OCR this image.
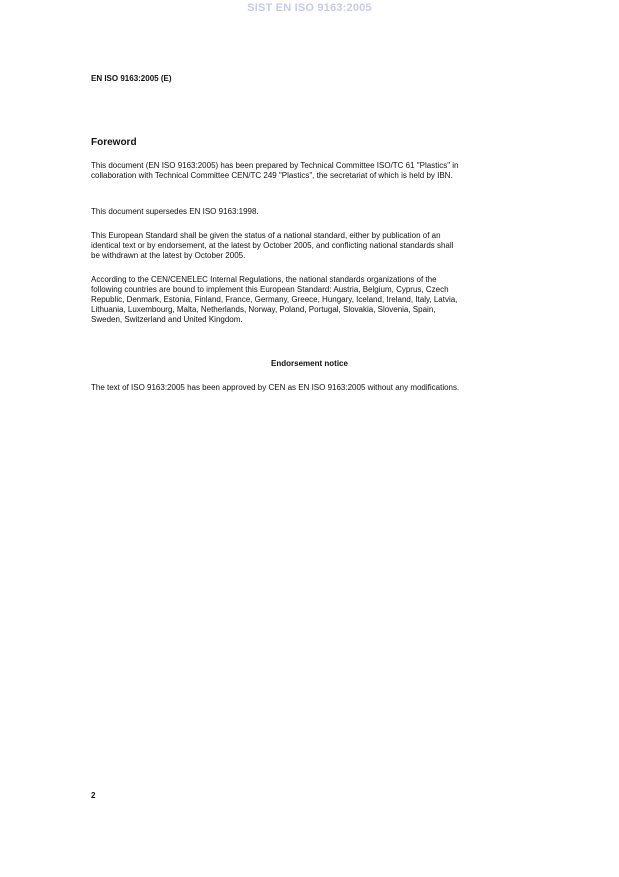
SIST EN ISO 9163:2005
EN ISO 9163:2005 (E)
Foreword
This document (EN ISO 9163:2005) has been prepared by Technical Committee ISO/TC 61 "Plastics" in
collaboration with Technical Committee CEN/TC 249 "Plastics", the secretariat of which is held by IBN.
This document supersedes EN ISO 9163:1998.
This European Standard shall be given the status of a national standard, either by publication of an
identical text or by endorsement, at the latest by October 2005, and conflicting national standards shall
be withdrawn at the latest by October 2005.
According to the CEN/CENELEC Internal Regulations, the national standards organizations of the
following countries are bound to implement this European Standard: Austria, Belgium, Cyprus, Czech
Republic, Denmark, Estonia, Finland, France, Germany, Greece, Hungary, Iceland, Ireland, Italy, Latvia,
Lithuania, Luxembourg, Malta, Netherlands, Norway, Poland, Portugal, Slovakia, Slovenia, Spain,
Sweden, Switzerland and United Kingdom.
Endorsement notice
The text of ISO 9163:2005 has been approved by CEN as EN ISO 9163:2005 without any modifications.
2
